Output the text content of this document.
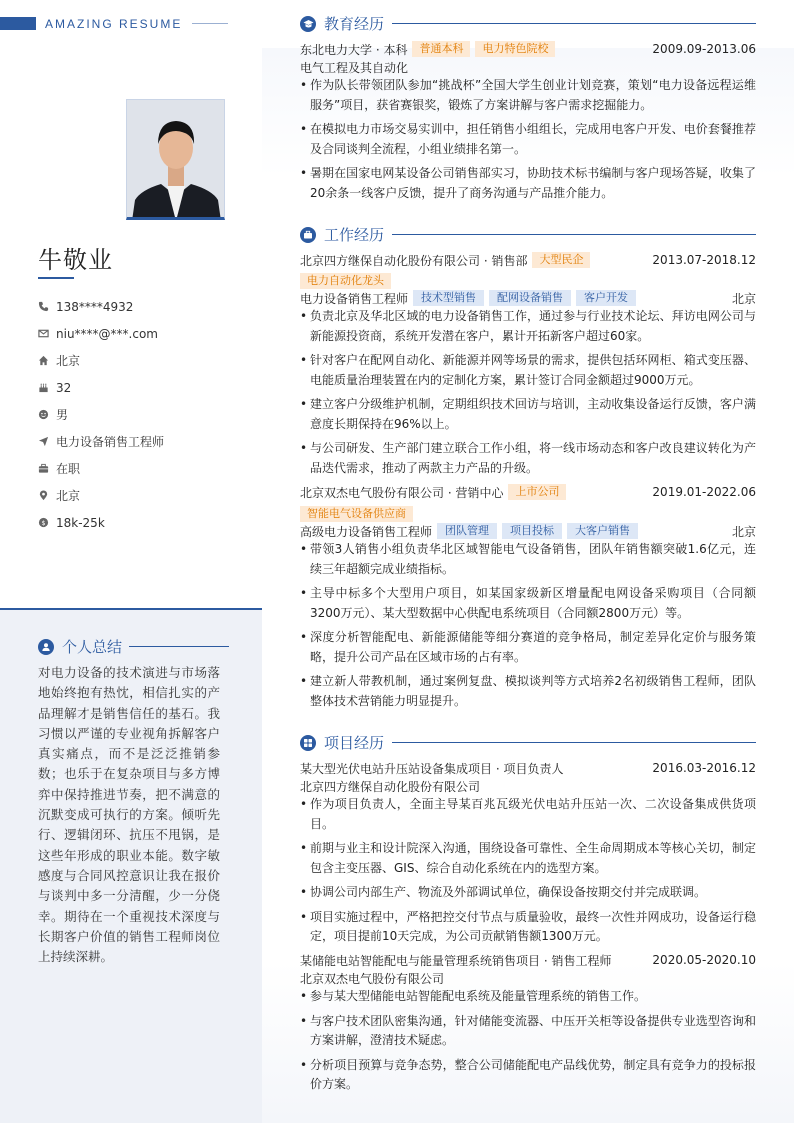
AMAZING RESUME
牛敬业
138****4932
niu****@***.com
北京
32
男
电力设备销售工程师
在职
北京
$ 18k-25k
个人总结
对电力设备的技术演进与市场落地始终抱有热忱，相信扎实的产品理解才是销售信任的基石。我习惯以严谨的专业视角拆解客户真实痛点，而不是泛泛推销参数；也乐于在复杂项目与多方博弈中保持推进节奏，把不满意的沉默变成可执行的方案。倾听先行、逻辑闭环、抗压不甩锅，是这些年形成的职业本能。数字敏感度与合同风控意识让我在报价与谈判中多一分清醒，少一分侥幸。期待在一个重视技术深度与长期客户价值的销售工程师岗位上持续深耕。
教育经历
东北电力大学 · 本科	普通本科	电力特色院校	2009.09-2013.06
电气工程及其自动化
• 作为队长带领团队参加“挑战杯”全国大学生创业计划竞赛，策划“电力设备远程运维服务”项目，获省赛银奖，锻炼了方案讲解与客户需求挖掘能力。
• 在模拟电力市场交易实训中，担任销售小组组长，完成用电客户开发、电价套餐推荐及合同谈判全流程，小组业绩排名第一。
• 暑期在国家电网某设备公司销售部实习，协助技术标书编制与客户现场答疑，收集了20余条一线客户反馈，提升了商务沟通与产品推介能力。
工作经历
北京四方继保自动化股份有限公司 · 销售部	大型民企	2013.07-2018.12
电力自动化龙头
电力设备销售工程师	技术型销售	配网设备销售	客户开发	北京
• 负责北京及华北区域的电力设备销售工作，通过参与行业技术论坛、拜访电网公司与新能源投资商，系统开发潜在客户，累计开拓新客户超过60家。
• 针对客户在配网自动化、新能源并网等场景的需求，提供包括环网柜、箱式变压器、电能质量治理装置在内的定制化方案，累计签订合同金额超过9000万元。
• 建立客户分级维护机制，定期组织技术回访与培训，主动收集设备运行反馈，客户满意度长期保持在96%以上。
• 与公司研发、生产部门建立联合工作小组，将一线市场动态和客户改良建议转化为产品迭代需求，推动了两款主力产品的升级。
北京双杰电气股份有限公司 · 营销中心	上市公司	2019.01-2022.06
智能电气设备供应商
高级电力设备销售工程师	团队管理	项目投标	大客户销售	北京
• 带领3人销售小组负责华北区域智能电气设备销售，团队年销售额突破1.6亿元，连续三年超额完成业绩指标。
• 主导中标多个大型用户项目，如某国家级新区增量配电网设备采购项目（合同额3200万元）、某大型数据中心供配电系统项目（合同额2800万元）等。
• 深度分析智能配电、新能源储能等细分赛道的竞争格局，制定差异化定价与服务策略，提升公司产品在区域市场的占有率。
• 建立新人带教机制，通过案例复盘、模拟谈判等方式培养2名初级销售工程师，团队整体技术营销能力明显提升。
项目经历
某大型光伏电站升压站设备集成项目 · 项目负责人	2016.03-2016.12
北京四方继保自动化股份有限公司
• 作为项目负责人，全面主导某百兆瓦级光伏电站升压站一次、二次设备集成供货项目。
• 前期与业主和设计院深入沟通，围绕设备可靠性、全生命周期成本等核心关切，制定包含主变压器、GIS、综合自动化系统在内的选型方案。
• 协调公司内部生产、物流及外部调试单位，确保设备按期交付并完成联调。
• 项目实施过程中，严格把控交付节点与质量验收，最终一次性并网成功，设备运行稳定，项目提前10天完成，为公司贡献销售额1300万元。
某储能电站智能配电与能量管理系统销售项目 · 销售工程师	2020.05-2020.10
北京双杰电气股份有限公司
• 参与某大型储能电站智能配电系统及能量管理系统的销售工作。
• 与客户技术团队密集沟通，针对储能变流器、中压开关柜等设备提供专业选型咨询和方案讲解，澄清技术疑虑。
• 分析项目预算与竞争态势，整合公司储能配电产品线优势，制定具有竞争力的投标报价方案。
